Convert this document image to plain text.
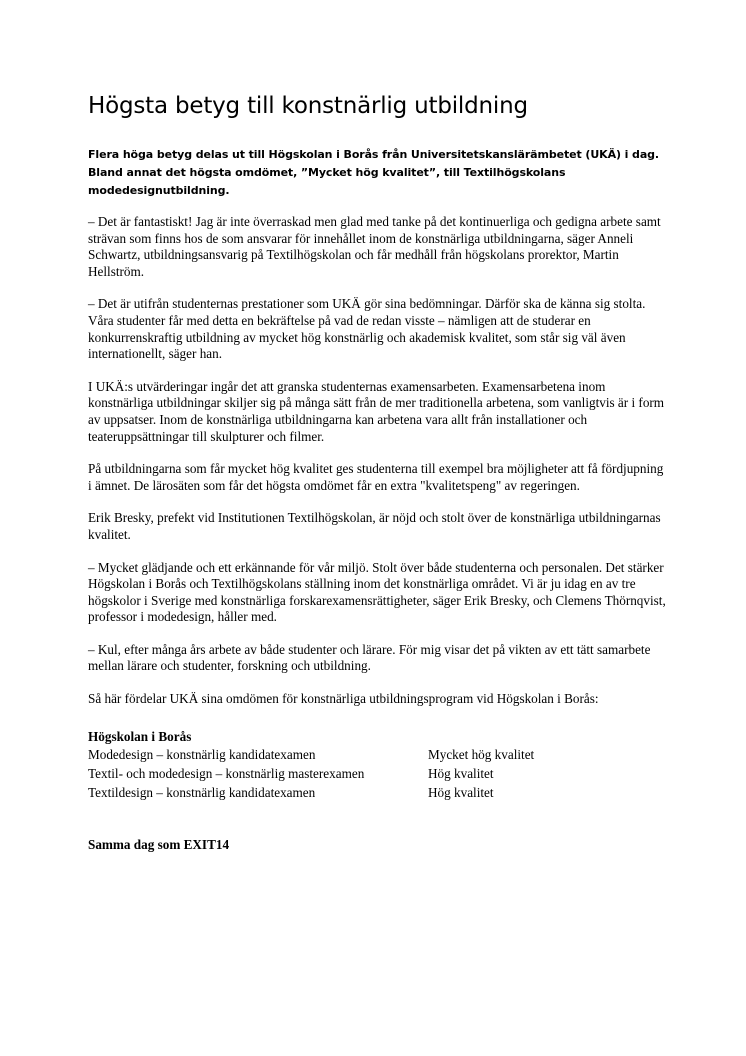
Högsta betyg till konstnärlig utbildning

Flera höga betyg delas ut till Högskolan i Borås från Universitetskanslärämbetet (UKÄ) i dag. Bland annat det högsta omdömet, ”Mycket hög kvalitet”, till Textilhögskolans modedesignutbildning.

– Det är fantastiskt! Jag är inte överraskad men glad med tanke på det kontinuerliga och gedigna arbete samt strävan som finns hos de som ansvarar för innehållet inom de konstnärliga utbildningarna, säger Anneli Schwartz, utbildningsansvarig på Textilhögskolan och får medhåll från högskolans prorektor, Martin Hellström.

– Det är utifrån studenternas prestationer som UKÄ gör sina bedömningar. Därför ska de känna sig stolta. Våra studenter får med detta en bekräftelse på vad de redan visste – nämligen att de studerar en konkurrenskraftig utbildning av mycket hög konstnärlig och akademisk kvalitet, som står sig väl även internationellt, säger han.

I UKÄ:s utvärderingar ingår det att granska studenternas examensarbeten. Examensarbetena inom konstnärliga utbildningar skiljer sig på många sätt från de mer traditionella arbetena, som vanligtvis är i form av uppsatser. Inom de konstnärliga utbildningarna kan arbetena vara allt från installationer och teateruppsättningar till skulpturer och filmer.

På utbildningarna som får mycket hög kvalitet ges studenterna till exempel bra möjligheter att få fördjupning i ämnet. De lärosäten som får det högsta omdömet får en extra "kvalitetspeng" av regeringen.

Erik Bresky, prefekt vid Institutionen Textilhögskolan, är nöjd och stolt över de konstnärliga utbildningarnas kvalitet.

– Mycket glädjande och ett erkännande för vår miljö. Stolt över både studenterna och personalen. Det stärker Högskolan i Borås och Textilhögskolans ställning inom det konstnärliga området. Vi är ju idag en av tre högskolor i Sverige med konstnärliga forskarexamensrättigheter, säger Erik Bresky, och Clemens Thörnqvist, professor i modedesign, håller med.

– Kul, efter många års arbete av både studenter och lärare. För mig visar det på vikten av ett tätt samarbete mellan lärare och studenter, forskning och utbildning.

Så här fördelar UKÄ sina omdömen för konstnärliga utbildningsprogram vid Högskolan i Borås:

Högskolan i Borås
Modedesign – konstnärlig kandidatexamen	Mycket hög kvalitet
Textil- och modedesign – konstnärlig masterexamen	Hög kvalitet
Textildesign – konstnärlig kandidatexamen	Hög kvalitet
Samma dag som EXIT14
